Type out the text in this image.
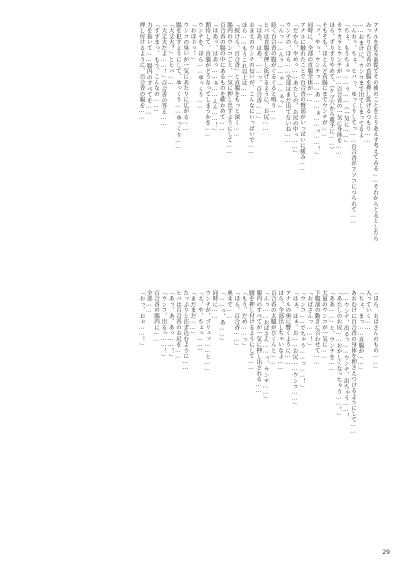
アナルを犯る前提でその後のことをとりあえず考えてみる……それからとるとしたら

みっちり百合香の直腸を押し拡げるつもり……

……おまけに、ウンコまで出てしまってるよ

「んおっ、ちょ、ヒバっ、ゆっくりしてっ……百合香がアソコにつられて……

「ちょ、もうちょっ……ぅ……（一気に……」

カラカラとウンチが……百合香の一気に身体を……

ほら、ずりずりやめて、（ケツ穴から勝手に……）

そもそも、ほとんど直腸にまでウンチが……

「ッ、やっ、ウンチっ……あ……ぁ……っ……！」

同時に、全部の直腸全体が……

アナルに触れたことで百合香の臀部がいっぱいに緩み……

「だから、やめっ……あたしの、お尻の中っ……」

ウンチの、ほら……全部はまだ出てないね……

「んっ……んぅ……ゃ……ぁっ」

続く百合香の腹がぐるぐると鳴り……

ヒバは直腸を押し拡げるように、お尻……

「はあ、はあ、……っ、百合香……」

おまえのウンチの匂いが、こんなにいっぱいで……

ほら……もうこれ以上は……

「続けろ、百合香」と直腸をもっと深く……

腸内のウンコごと、一気に押し出すようにして……

百合香の腸の中にあるものを確かめて……

「はあっ、はあっ……ぁ……んん……！」

期待して、直腸がどうなってしまうかを……

ウンチを、ほら……ゆっくり……

「おほぉっ！」

ウンコの臭いが一気にあたりに広がる……

腸を犯すようにして、ゆっくり……ゆっくり……

「大丈夫？」とヒバ……

「大丈夫だよ……！」百合香の答え……

「すずまっ、もう、こんなの……」

力を抜いて……腸内のすべてを……

押し付けるように、百合香の腸を……

「ほら、おばさんのもの……」

入っていく……

「ちょ、まっ……直腸が……」

あおむけに百合香の身体を押さえつけるようにして……

……ウンチ、出るっ……ウンチ、出ちゃう……！

「あたしのお尻……おかしくなっちゃう……！」

「ああ……」と、ウンチを……

大量のウンコが一気に……

下腹部の動きに合わせて……

「おばさんっ……！」

「ウンコ……でちゃう……っ……！」

「はぁ、はぁ、お……お尻……ウンコ……」

アナルの奥に響くように……

ほら、全部出しちゃいなよ……

百合香の太腿がびくんと……

「んっ……おばさん……っ、ウンチ……」

腸内のすべてが一気に押し出される……

腰を押し付けるようにして……

「もう、だめ……っ」

「ほら、百合香……」

奥まで……

「……っ、あ……」

同時に……

ウンチが、ブリュッ……と……

「え、や、ちょっ……」

「まだまだ……」

たっぷりと注ぎ込むように……

ヒバは百合香のお尻を……

「あっ、あ、あっ……！」

「ウンコ、出るっ……！」

百合香の腸内に……

全部……

「おっ、おぉ……！」

29
